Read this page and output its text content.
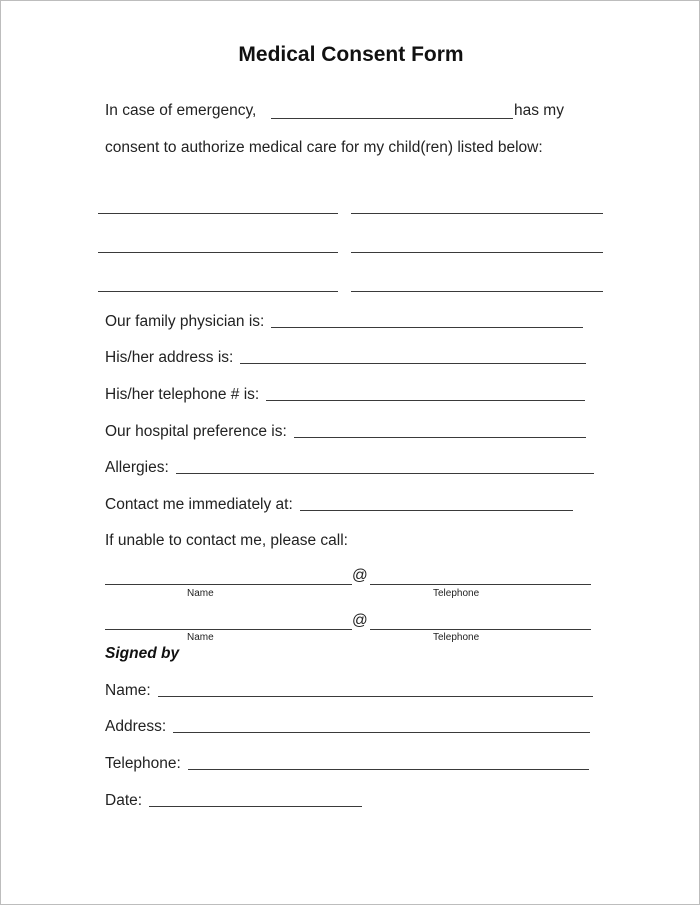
Medical Consent Form
In case of emergency,	has my
consent to authorize medical care for my child(ren) listed below:
Our family physician is:
His/her address is:
His/her telephone # is:
Our hospital preference is:
Allergies:
Contact me immediately at:
If unable to contact me, please call:
@
Name	Telephone
@
Name	Telephone
Signed by
Name:
Address:
Telephone:
Date:
